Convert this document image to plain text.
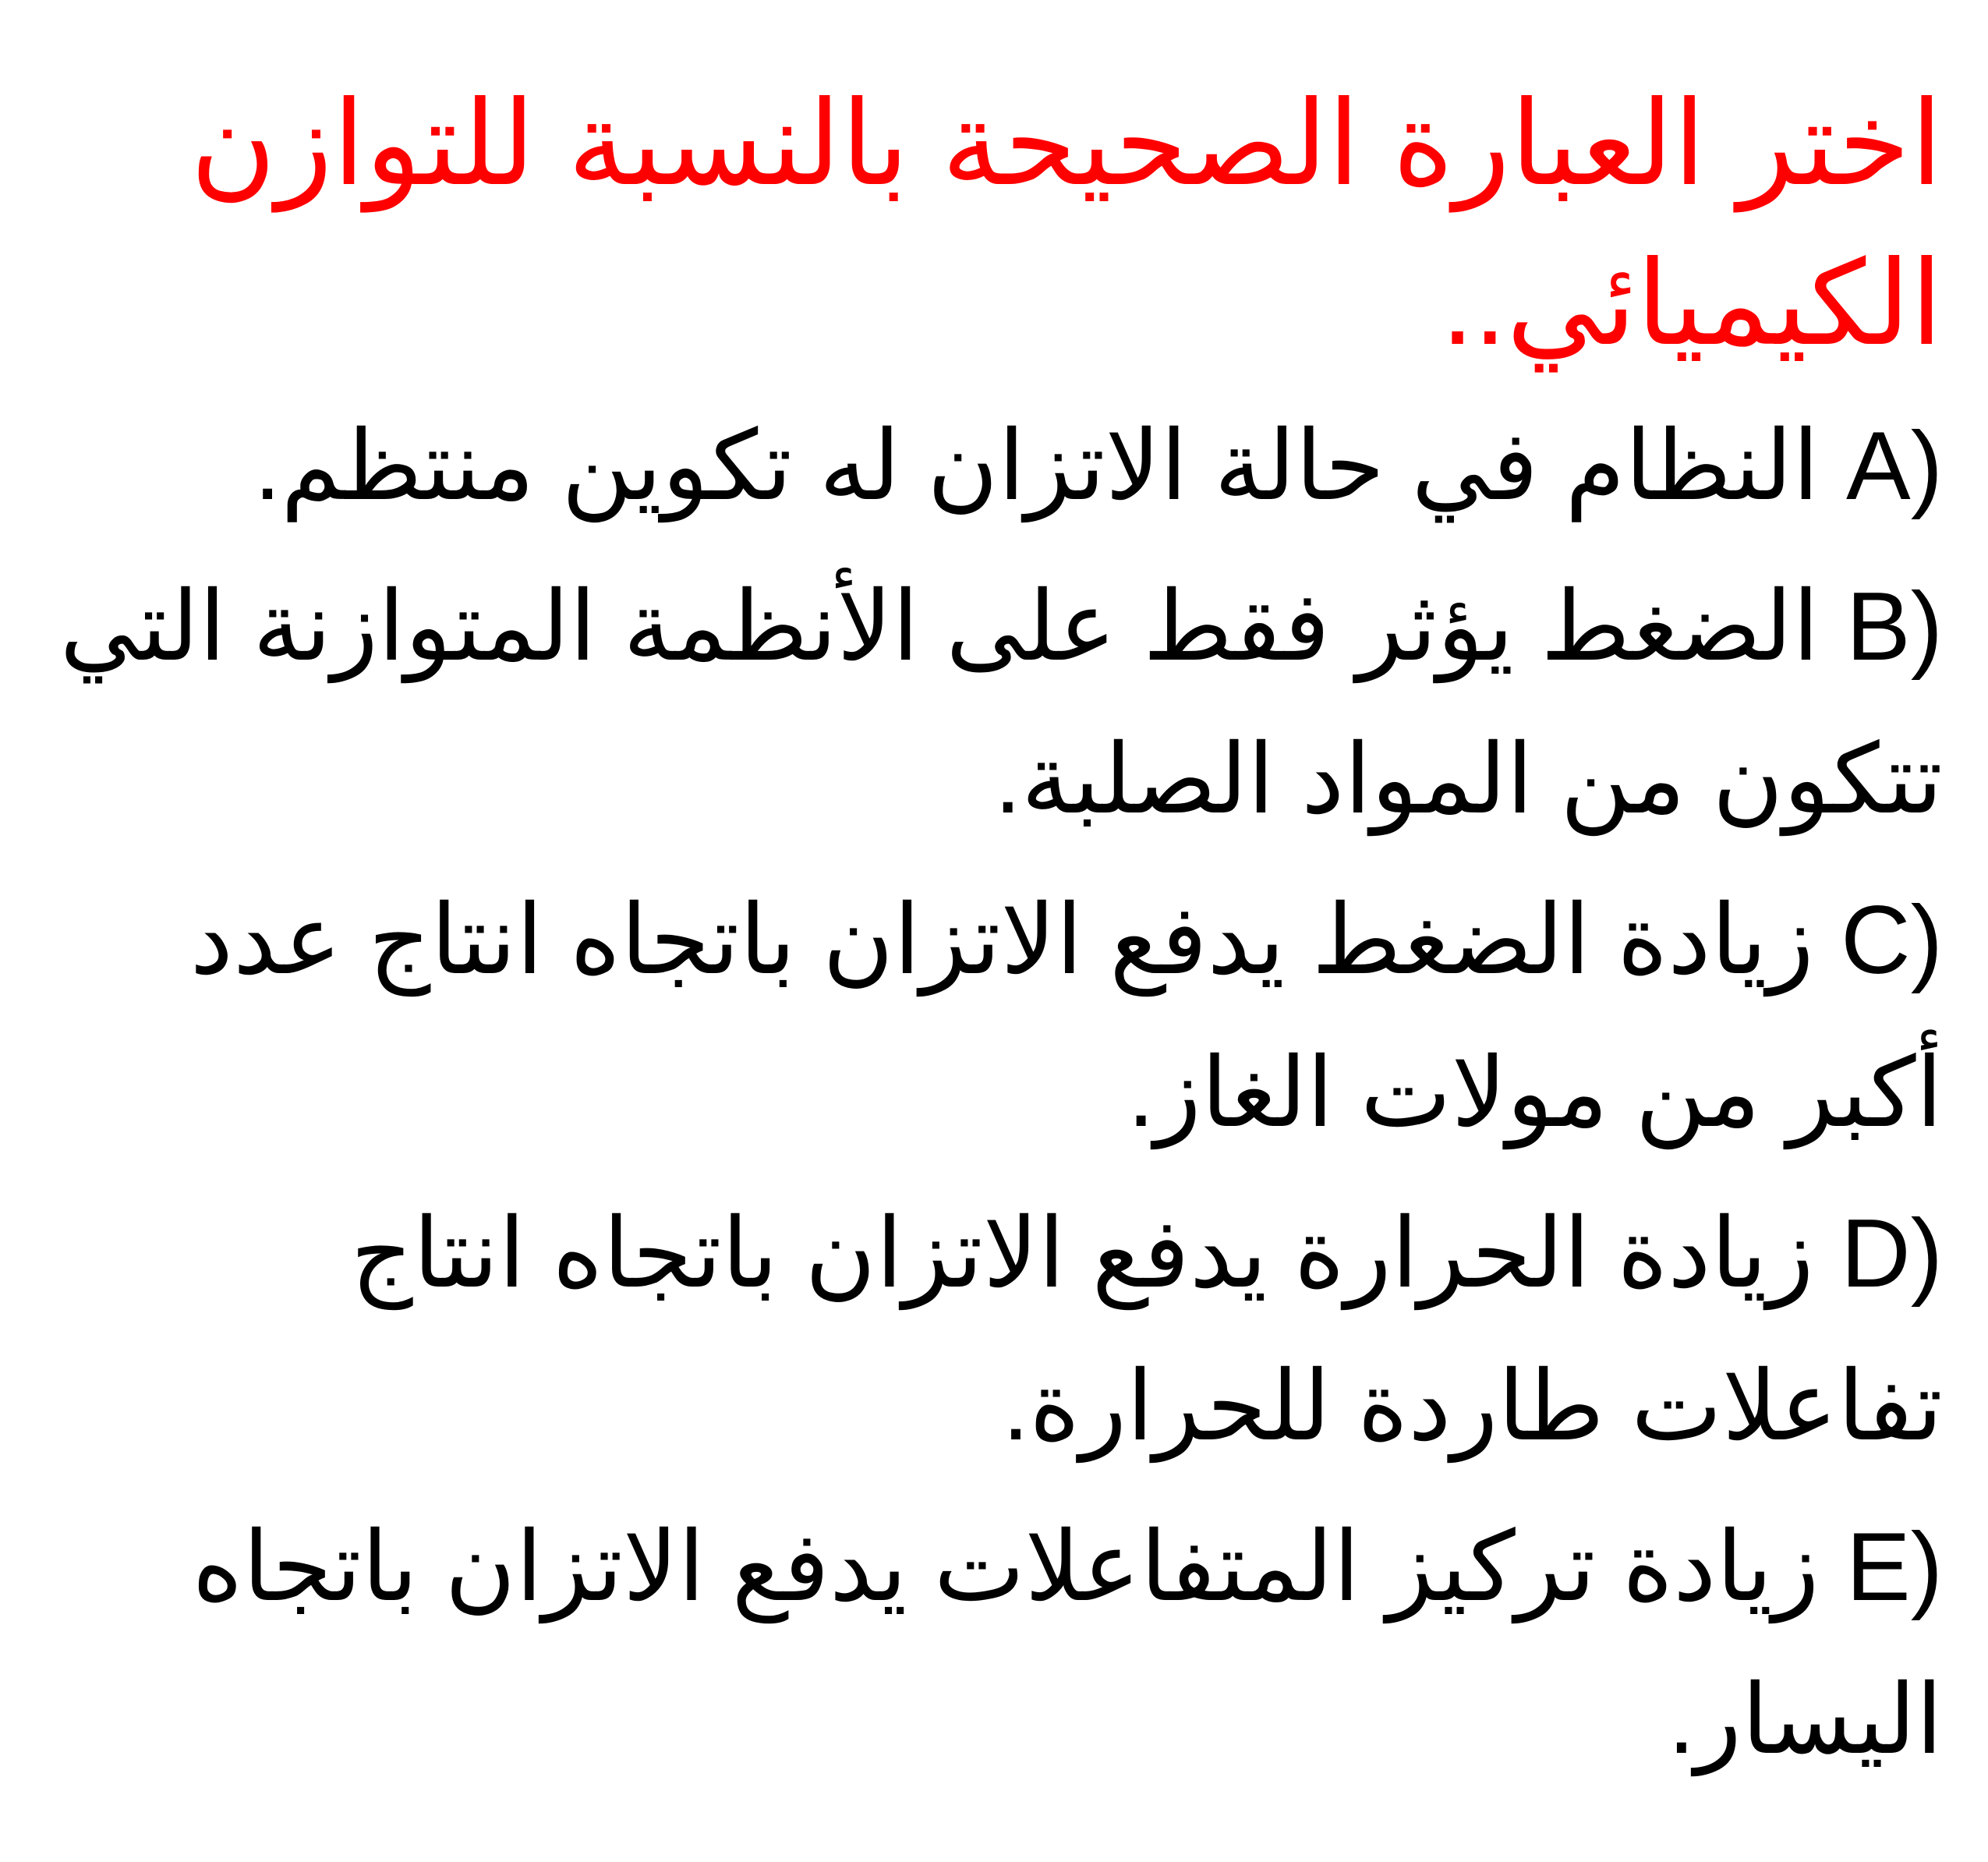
اختر العبارة الصحيحة بالنسبة للتوازن الكيميائي..
A) النظام في حالة الاتزان له تكوين منتظم.
B) الضغط يؤثر فقط على الأنظمة المتوازنة التي تتكون من المواد الصلبة.
C) زيادة الضغط يدفع الاتزان باتجاه انتاج عدد أكبر من مولات الغاز.
D) زيادة الحرارة يدفع الاتزان باتجاه انتاج تفاعلات طاردة للحرارة.
E) زيادة تركيز المتفاعلات يدفع الاتزان باتجاه اليسار.
